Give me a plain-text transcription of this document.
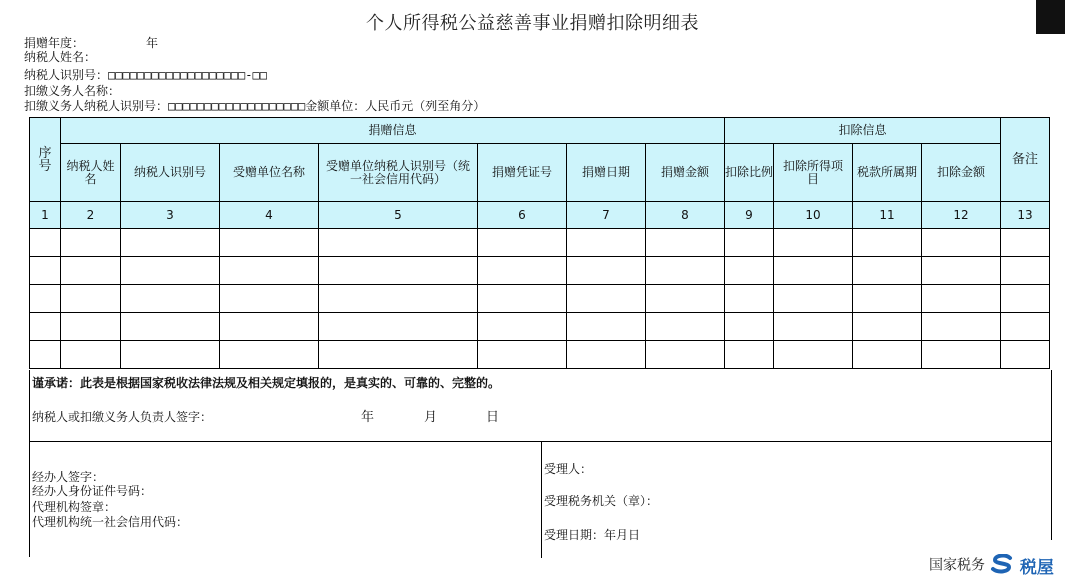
个人所得税公益慈善事业捐赠扣除明细表
捐赠年度：	年
纳税人姓名：
纳税人识别号：□□□□□□□□□□□□□□□□□□□-□□
扣缴义务人名称：
扣缴义务人纳税人识别号：□□□□□□□□□□□□□□□□□□□金额单位：人民币元（列至角分）
序号	捐赠信息							扣除信息				备注
	纳税人姓名	纳税人识别号	受赠单位名称	受赠单位纳税人识别号（统一社会信用代码）	捐赠凭证号	捐赠日期	捐赠金额	扣除比例	扣除所得项目	税款所属期	扣除金额	
1	2	3	4	5	6	7	8	9	10	11	12	13

谨承诺：此表是根据国家税收法律法规及相关规定填报的，是真实的、可靠的、完整的。
纳税人或扣缴义务人负责人签字：	年	月	日
经办人签字：
经办人身份证件号码：
代理机构签章：
代理机构统一社会信用代码：
受理人：
受理税务机关（章）：
受理日期：年月日
国家税务 税屋
